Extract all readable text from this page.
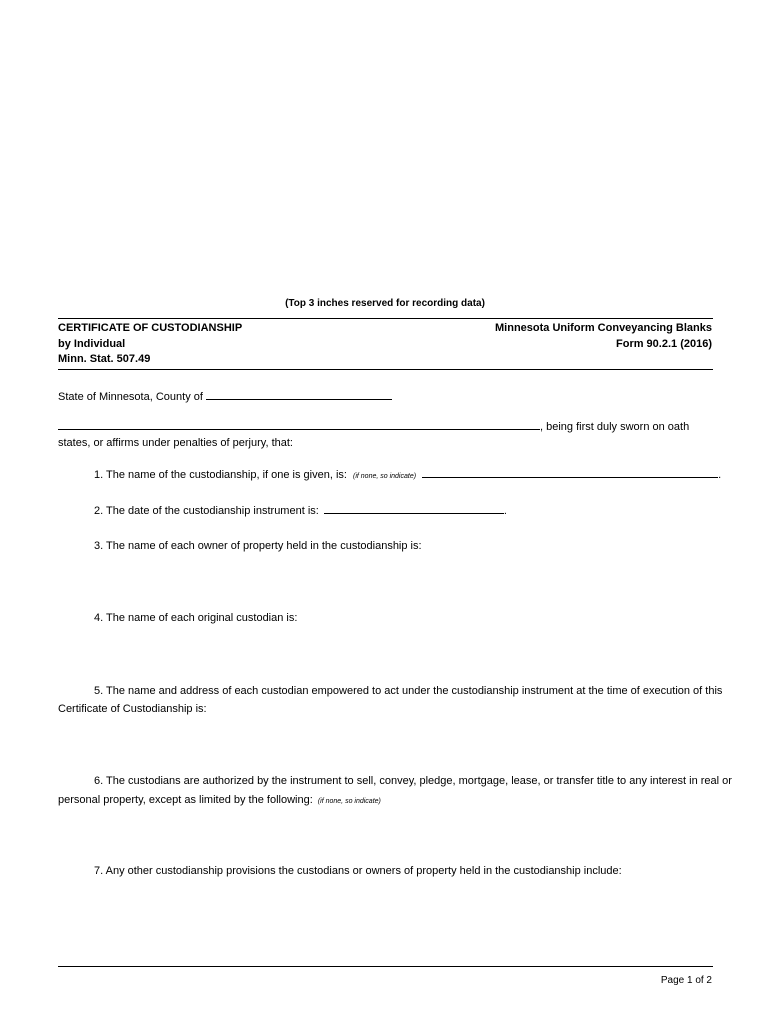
(Top 3 inches reserved for recording data)
CERTIFICATE OF CUSTODIANSHIP
by Individual
Minn. Stat. 507.49
Minnesota Uniform Conveyancing Blanks
Form 90.2.1 (2016)
State of Minnesota, County of
, being first duly sworn on oath
states, or affirms under penalties of perjury, that:
1. The name of the custodianship, if one is given, is: (if none, so indicate)	.
2. The date of the custodianship instrument is:	.
3. The name of each owner of property held in the custodianship is:
4. The name of each original custodian is:
5. The name and address of each custodian empowered to act under the custodianship instrument at the time of execution of this
Certificate of Custodianship is:
6. The custodians are authorized by the instrument to sell, convey, pledge, mortgage, lease, or transfer title to any interest in real or
personal property, except as limited by the following: (if none, so indicate)
7. Any other custodianship provisions the custodians or owners of property held in the custodianship include:
Page 1 of 2
